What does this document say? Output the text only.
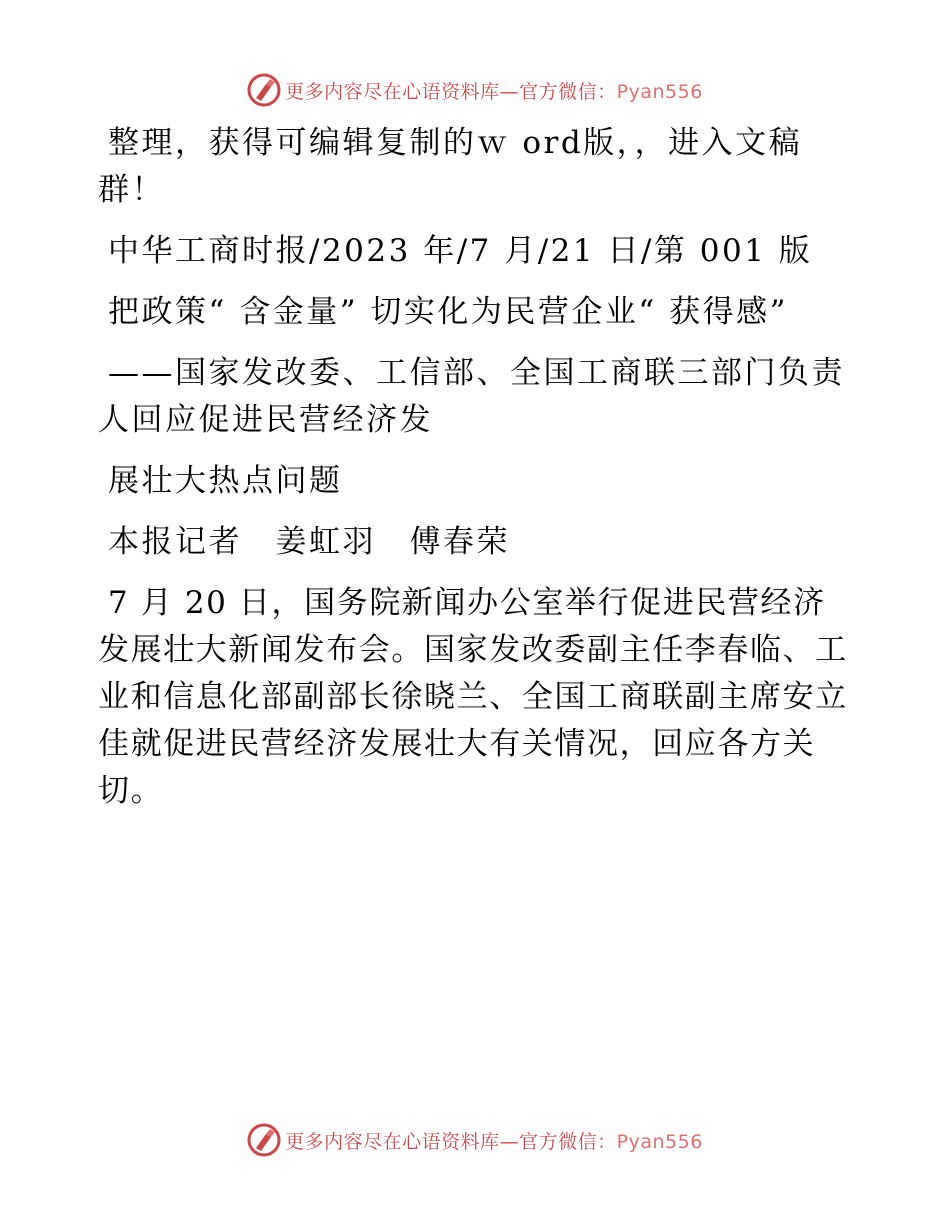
更多内容尽在心语资料库—官方微信：Pyan556

整理，获得可编辑复制的ｗ ord版，，进入文稿群！

中华工商时报/2023 年/7 月/21 日/第 001 版

把政策“ 含金量” 切实化为民营企业“ 获得感”

——国家发改委、工信部、全国工商联三部门负责人回应促进民营经济发

展壮大热点问题

本报记者　姜虹羽　傅春荣

7 月 20 日，国务院新闻办公室举行促进民营经济发展壮大新闻发布会。国家发改委副主任李春临、工业和信息化部副部长徐晓兰、全国工商联副主席安立佳就促进民营经济发展壮大有关情况，回应各方关切。

更多内容尽在心语资料库—官方微信：Pyan556
